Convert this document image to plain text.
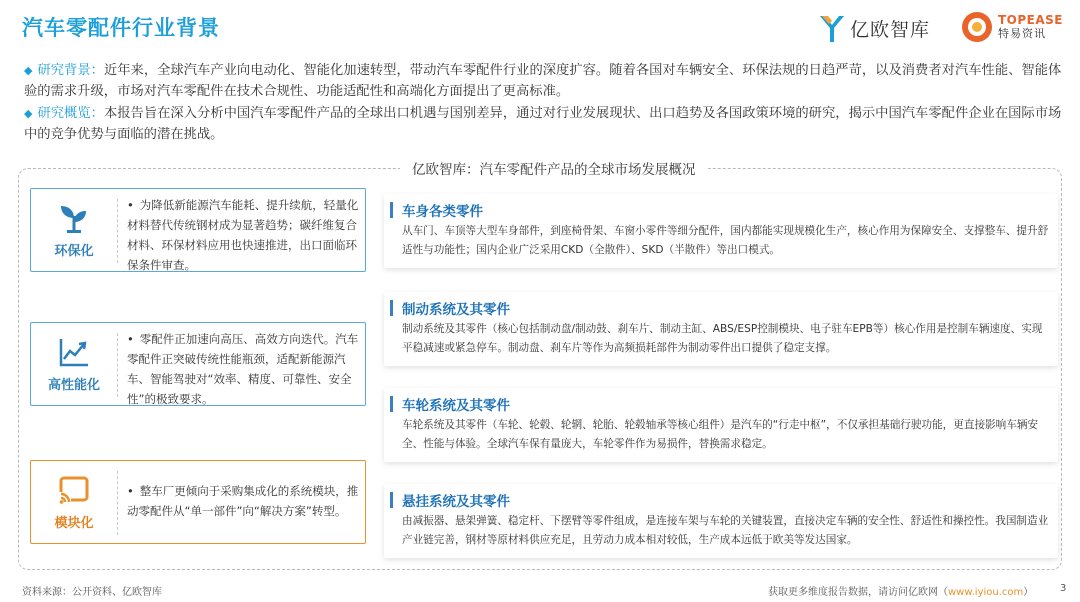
汽车零配件行业背景	亿欧智库	TOPEASE
特易资讯

◆ 研究背景：近年来，全球汽车产业向电动化、智能化加速转型，带动汽车零配件行业的深度扩容。随着各国对车辆安全、环保法规的日趋严苛，以及消费者对汽车性能、智能体验的需求升级，市场对汽车零配件在技术合规性、功能适配性和高端化方面提出了更高标准。

◆ 研究概览：本报告旨在深入分析中国汽车零配件产品的全球出口机遇与国别差异，通过对行业发展现状、出口趋势及各国政策环境的研究，揭示中国汽车零配件企业在国际市场中的竞争优势与面临的潜在挑战。

亿欧智库：汽车零配件产品的全球市场发展概况
环保化
• 为降低新能源汽车能耗、提升续航，轻量化材料替代传统钢材成为显著趋势；碳纤维复合材料、环保材料应用也快速推进，出口面临环保条件审查。
高性能化
• 零配件正加速向高压、高效方向迭代。汽车零配件正突破传统性能瓶颈，适配新能源汽车、智能驾驶对“效率、精度、可靠性、安全性”的极致要求。
模块化
• 整车厂更倾向于采购集成化的系统模块，推动零配件从“单一部件”向“解决方案”转型。
车身各类零件
从车门、车顶等大型车身部件，到座椅骨架、车窗小零件等细分配件，国内都能实现规模化生产，核心作用为保障安全、支撑整车、提升舒适性与功能性；国内企业广泛采用CKD（全散件）、SKD（半散件）等出口模式。
制动系统及其零件
制动系统及其零件（核心包括制动盘/制动鼓、刹车片、制动主缸、ABS/ESP控制模块、电子驻车EPB等）核心作用是控制车辆速度、实现平稳减速或紧急停车。制动盘、刹车片等作为高频损耗部件为制动零件出口提供了稳定支撑。
车轮系统及其零件
车轮系统及其零件（车轮、轮毂、轮辋、轮胎、轮毂轴承等核心组件）是汽车的“行走中枢”，不仅承担基础行驶功能，更直接影响车辆安全、性能与体验。全球汽车保有量庞大，车轮零件作为易损件，替换需求稳定。
悬挂系统及其零件
由减振器、悬架弹簧、稳定杆、下摆臂等零件组成，是连接车架与车轮的关键装置，直接决定车辆的安全性、舒适性和操控性。我国制造业产业链完善，钢材等原材料供应充足，且劳动力成本相对较低，生产成本远低于欧美等发达国家。
资料来源：公开资料、亿欧智库	获取更多维度报告数据，请访问亿欧网（www.iyiou.com）	3
